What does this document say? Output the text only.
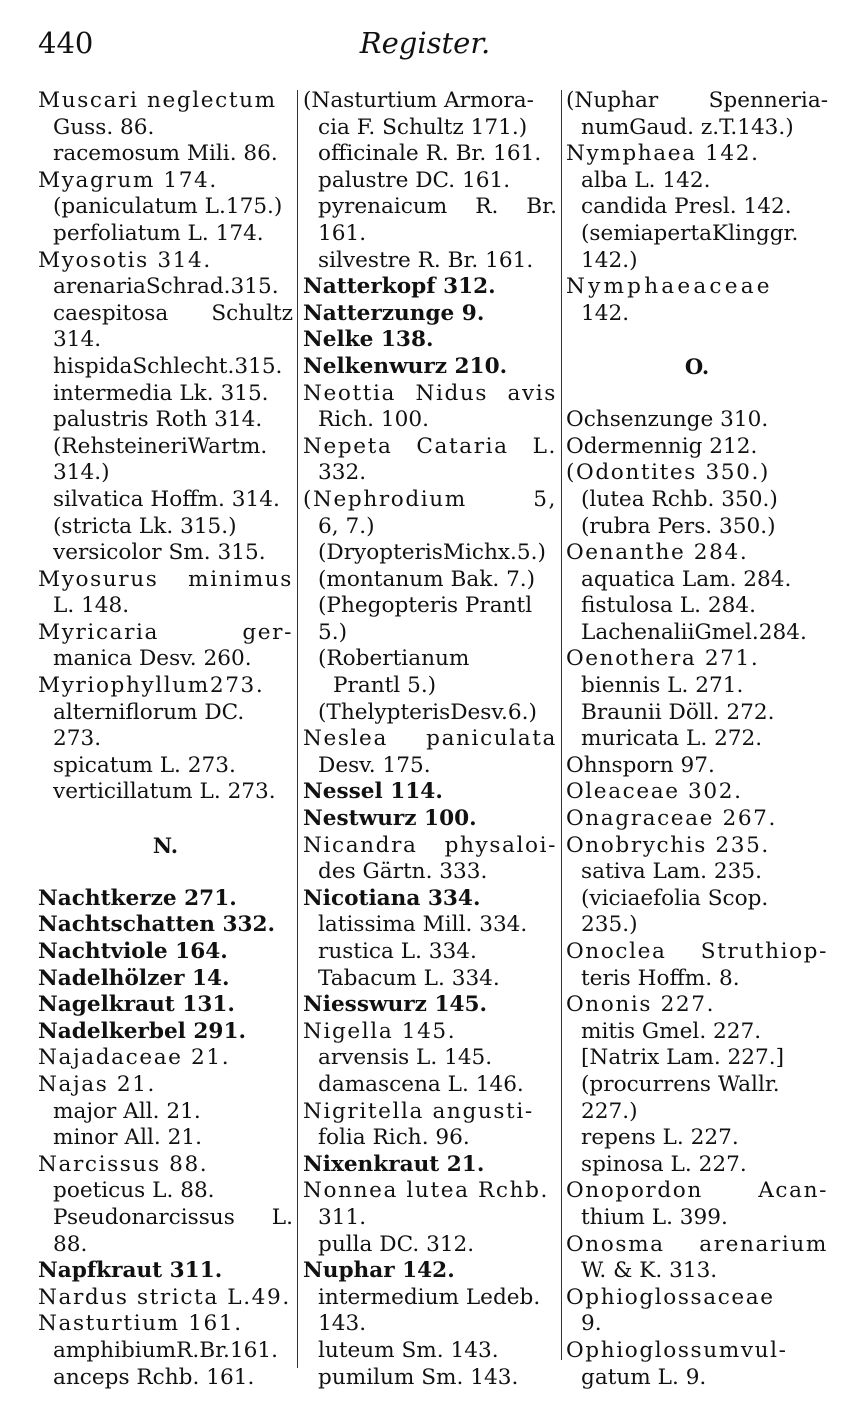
440	Register.
Muscari neglectum
Guss. 86.
racemosum Mili. 86.
Myagrum 174.
(paniculatum L.175.)
perfoliatum L. 174.
Myosotis 314.
arenariaSchrad.315.
caespitosa Schultz
314.
hispidaSchlecht.315.
intermedia Lk. 315.
palustris Roth 314.
(RehsteineriWartm.
314.)
silvatica Hoffm. 314.
(stricta Lk. 315.)
versicolor Sm. 315.
Myosurus minimus
L. 148.
Myricaria	ger-
manica Desv. 260.
Myriophyllum273.
alterniflorum DC.
273.
spicatum L. 273.
verticillatum L. 273.
N.
Nachtkerze 271.
Nachtschatten 332.
Nachtviole 164.
Nadelhölzer 14.
Nagelkraut 131.
Nadelkerbel 291.
Najadaceae 21.
Najas 21.
major All. 21.
minor All. 21.
Narcissus 88.
poeticus L. 88.
Pseudonarcissus L.
88.
Napfkraut 311.
Nardus stricta L.49.
Nasturtium 161.
amphibiumR.Br.161.
anceps Rchb. 161.
(Nasturtium Armora-
cia F. Schultz 171.)
officinale R. Br. 161.
palustre DC. 161.
pyrenaicum R. Br.
161.
silvestre R. Br. 161.
Natterkopf 312.
Natterzunge 9.
Nelke 138.
Nelkenwurz 210.
Neottia Nidus avis
Rich. 100.
Nepeta Cataria L.
332.
(Nephrodium	5,
6, 7.)
(DryopterisMichx.5.)
(montanum Bak. 7.)
(Phegopteris Prantl
5.)
(Robertianum
Prantl 5.)
(ThelypterisDesv.6.)
Neslea paniculata
Desv. 175.
Nessel 114.
Nestwurz 100.
Nicandra physaloi-
des Gärtn. 333.
Nicotiana 334.
latissima Mill. 334.
rustica L. 334.
Tabacum L. 334.
Niesswurz 145.
Nigella 145.
arvensis L. 145.
damascena L. 146.
Nigritella angusti-
folia Rich. 96.
Nixenkraut 21.
Nonnea lutea Rchb.
311.
pulla DC. 312.
Nuphar 142.
intermedium Ledeb.
143.
luteum Sm. 143.
pumilum Sm. 143.
(Nuphar Spenneria-
numGaud. z.T.143.)
Nymphaea 142.
alba L. 142.
candida Presl. 142.
(semiapertaKlinggr.
142.)
Nymphaeaceae
142.
O.
Ochsenzunge 310.
Odermennig 212.
(Odontites 350.)
(lutea Rchb. 350.)
(rubra Pers. 350.)
Oenanthe 284.
aquatica Lam. 284.
fistulosa L. 284.
LachenaliiGmel.284.
Oenothera 271.
biennis L. 271.
Braunii Döll. 272.
muricata L. 272.
Ohnsporn 97.
Oleaceae 302.
Onagraceae 267.
Onobrychis 235.
sativa Lam. 235.
(viciaefolia Scop.
235.)
Onoclea Struthiop-
teris Hoffm. 8.
Ononis 227.
mitis Gmel. 227.
[Natrix Lam. 227.]
(procurrens Wallr.
227.)
repens L. 227.
spinosa L. 227.
Onopordon	Acan-
thium L. 399.
Onosma arenarium
W. & K. 313.
Ophioglossaceae
9.
Ophioglossumvul-
gatum L. 9.
